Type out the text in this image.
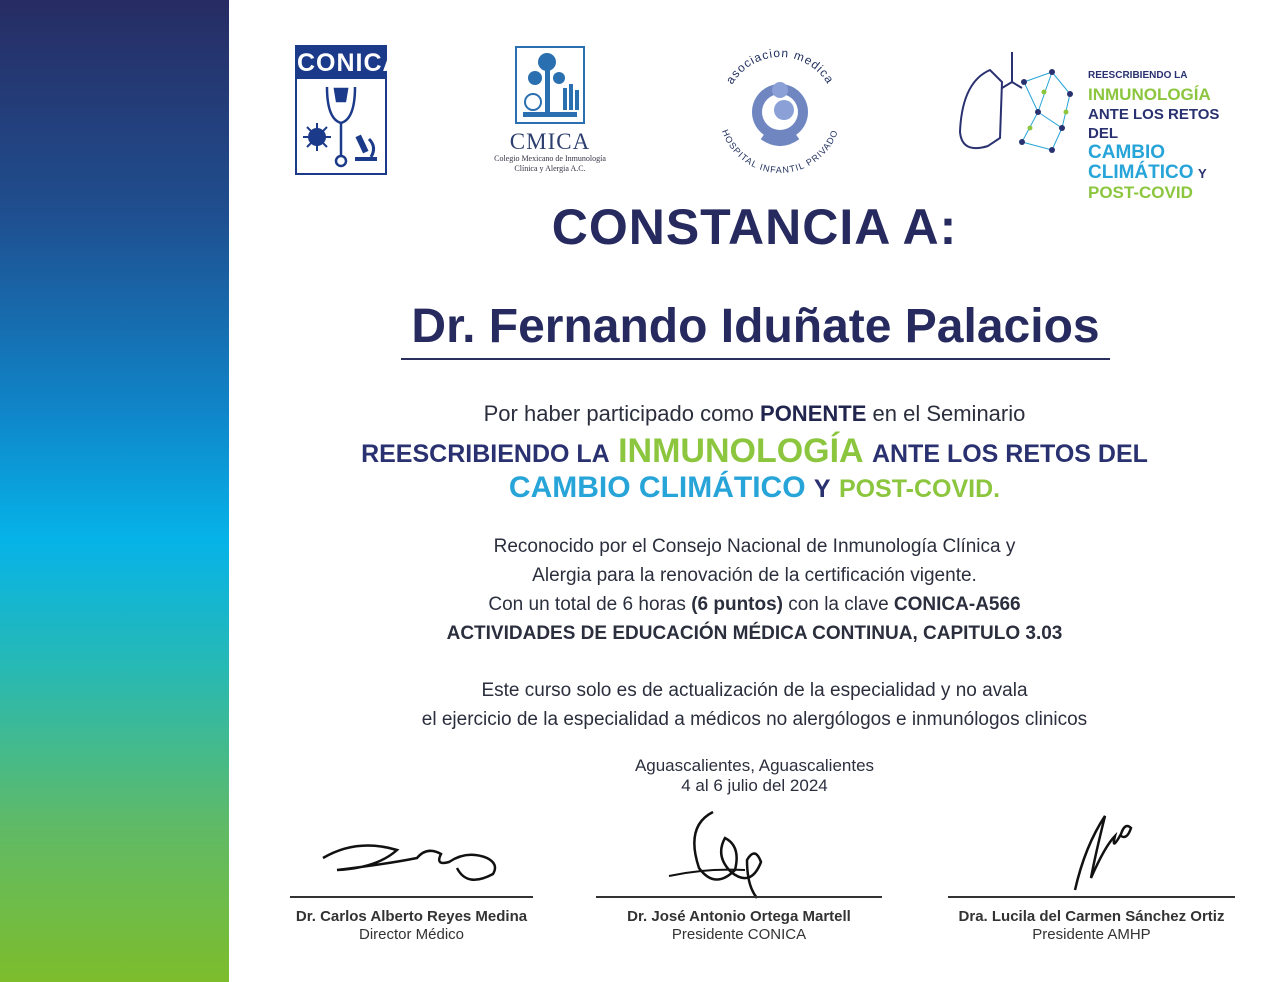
CONICA
CMICA
Colegio Mexicano de Inmunología
Clínica y Alergia A.C.
asociacion medica
HOSPITAL INFANTIL PRIVADO
REESCRIBIENDO LA INMUNOLOGÍA
ANTE LOS RETOS DEL
CAMBIO CLIMÁTICO Y
POST-COVID
CONSTANCIA A:
Dr. Fernando Iduñate Palacios
Por haber participado como PONENTE en el Seminario
REESCRIBIENDO LA INMUNOLOGÍA ANTE LOS RETOS DEL
CAMBIO CLIMÁTICO Y POST-COVID.
Reconocido por el Consejo Nacional de Inmunología Clínica y
Alergia para la renovación de la certificación vigente.
Con un total de 6 horas (6 puntos) con la clave CONICA-A566
ACTIVIDADES DE EDUCACIÓN MÉDICA CONTINUA, CAPITULO 3.03
Este curso solo es de actualización de la especialidad y no avala
el ejercicio de la especialidad a médicos no alergólogos e inmunólogos clinicos
Aguascalientes, Aguascalientes
4 al 6 julio del 2024
Dr. Carlos Alberto Reyes Medina
Director Médico
Dr. José Antonio Ortega Martell
Presidente CONICA
Dra. Lucila del Carmen Sánchez Ortiz
Presidente AMHP
